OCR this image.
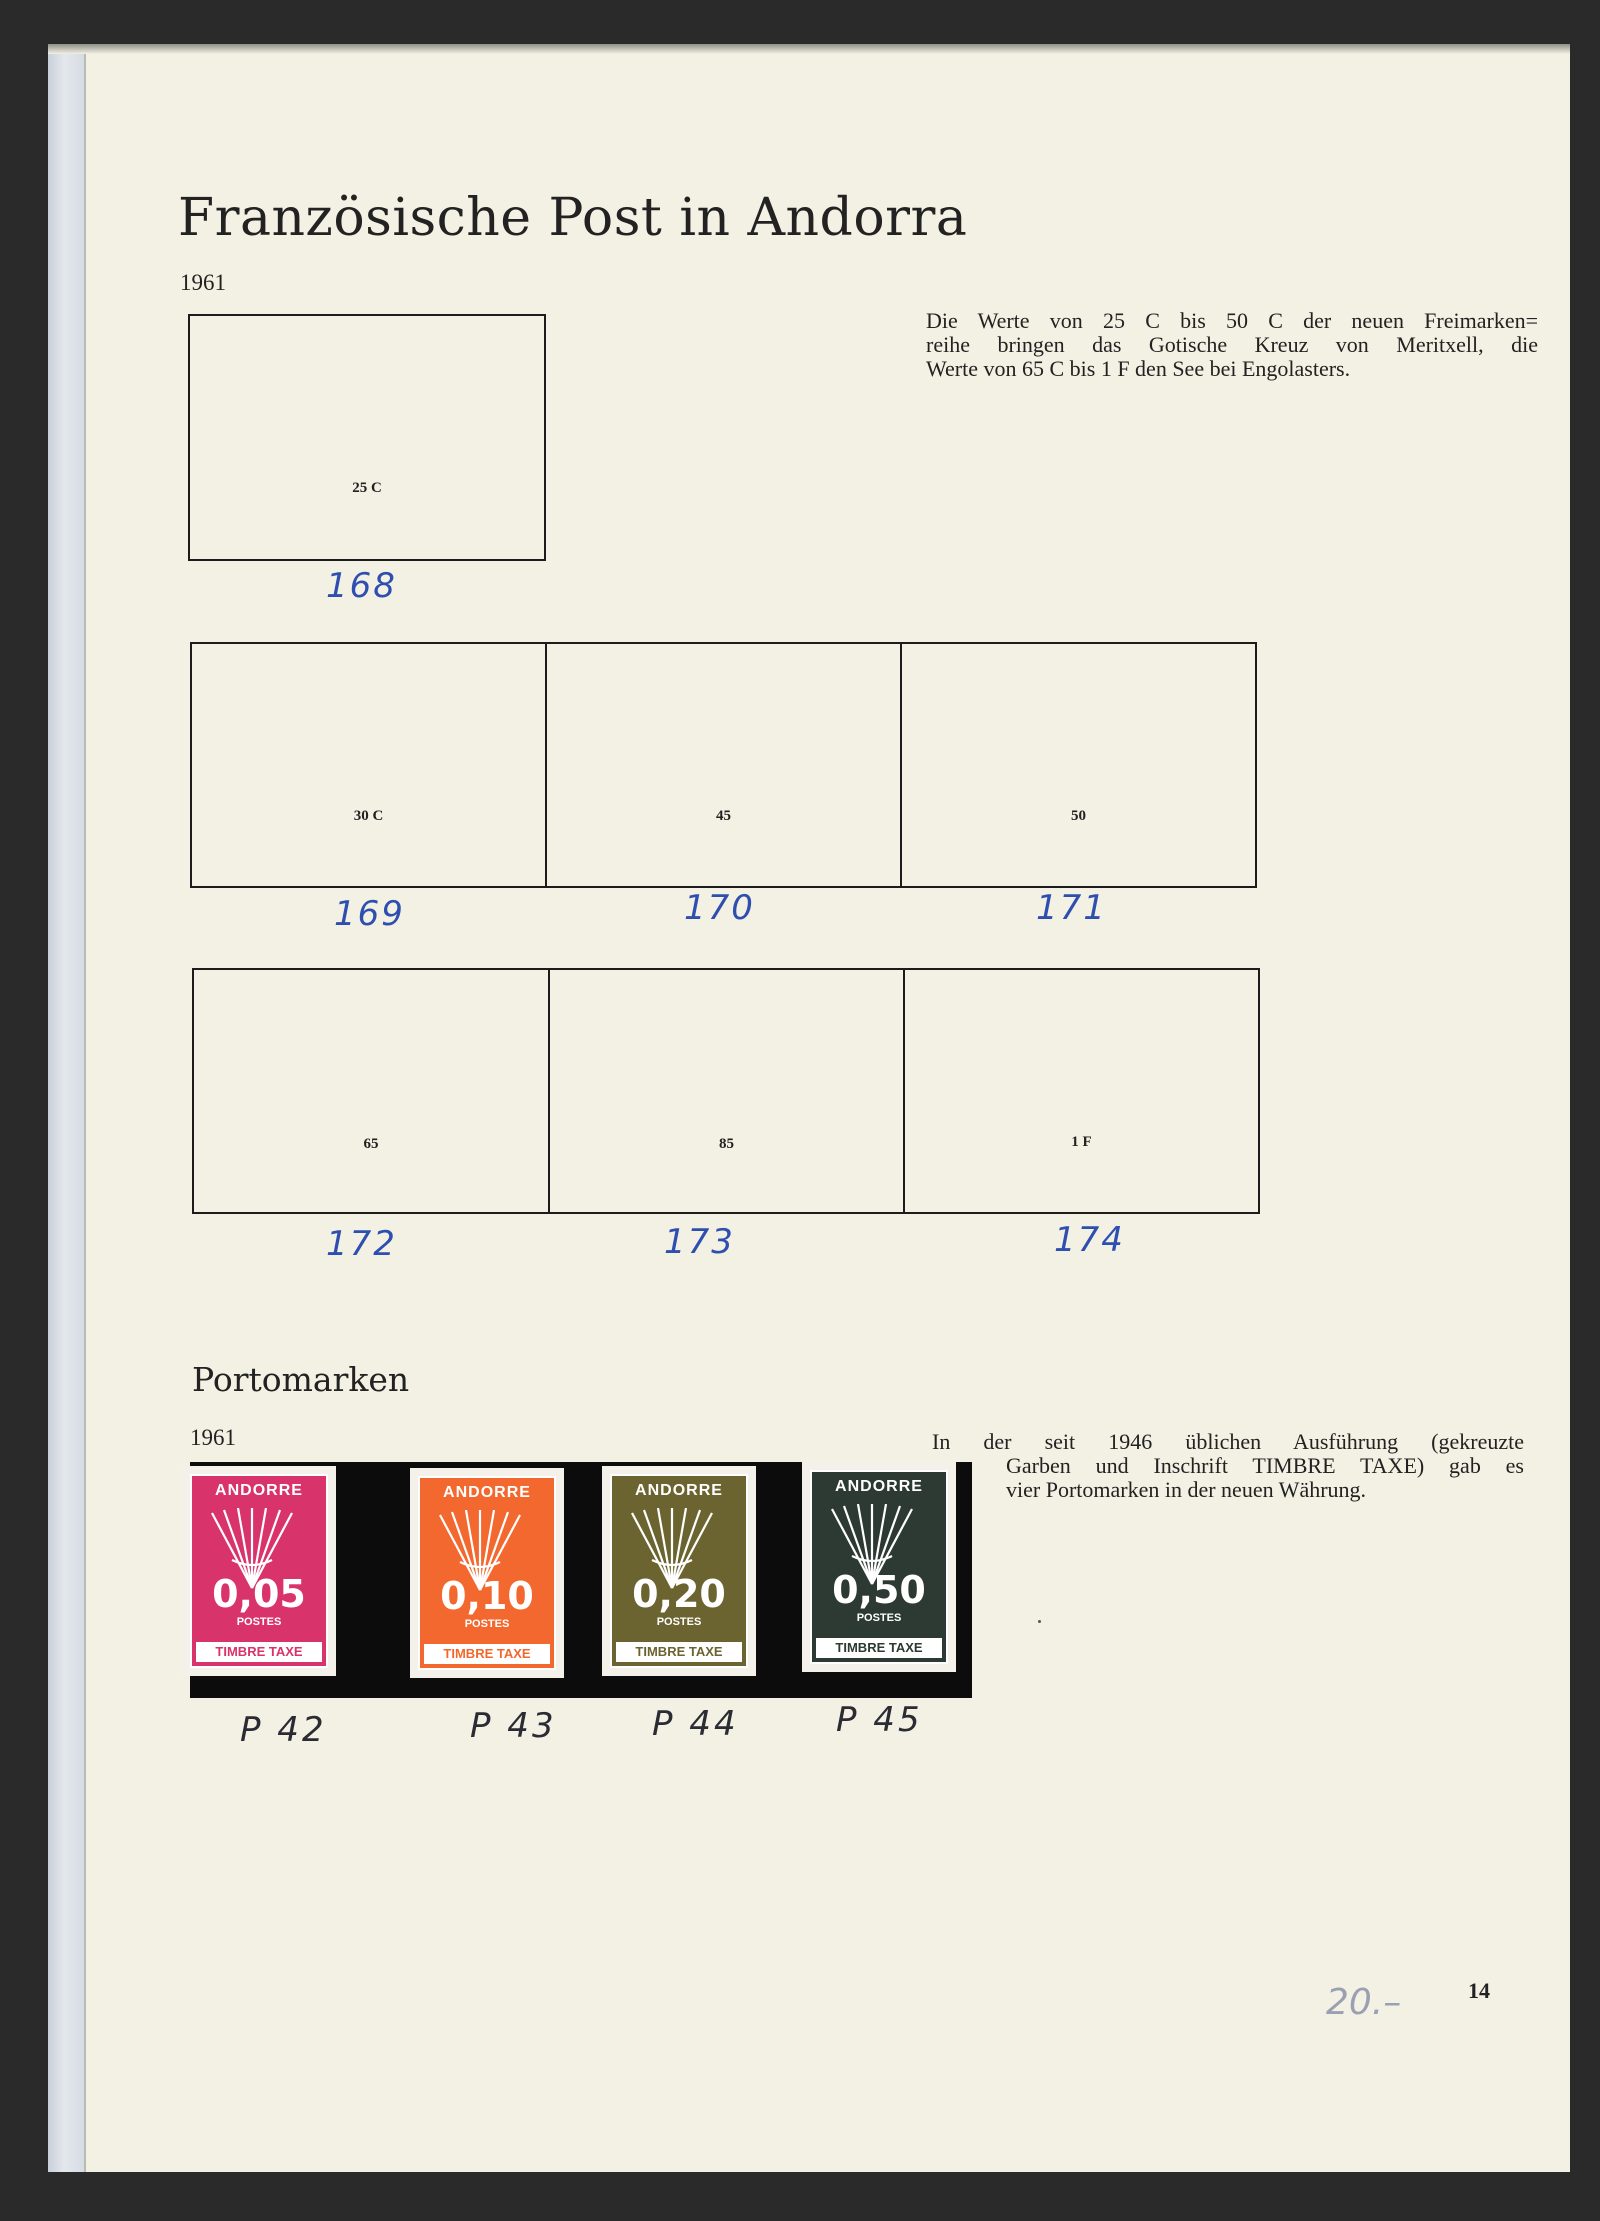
Französische Post in Andorra
1961
Die Werte von 25 C bis 50 C der neuen Freimarken=
reihe bringen das Gotische Kreuz von Meritxell, die
Werte von 65 C bis 1 F den See bei Engolasters.
25 C
168
30 C	45	50
169	170	171
65	85	1 F
172	173	174
Portomarken
1961	In der seit 1946 üblichen Ausführung (gekreuzte
Garben und Inschrift TIMBRE TAXE) gab es
vier Portomarken in der neuen Währung.
ANDORRE
0,05
POSTES
TIMBRE TAXE
ANDORRE
0,10
POSTES
TIMBRE TAXE
ANDORRE
0,20
POSTES
TIMBRE TAXE
ANDORRE
0,50
POSTES
TIMBRE TAXE
P 42	P 43	P 44	P 45
20.–	14
